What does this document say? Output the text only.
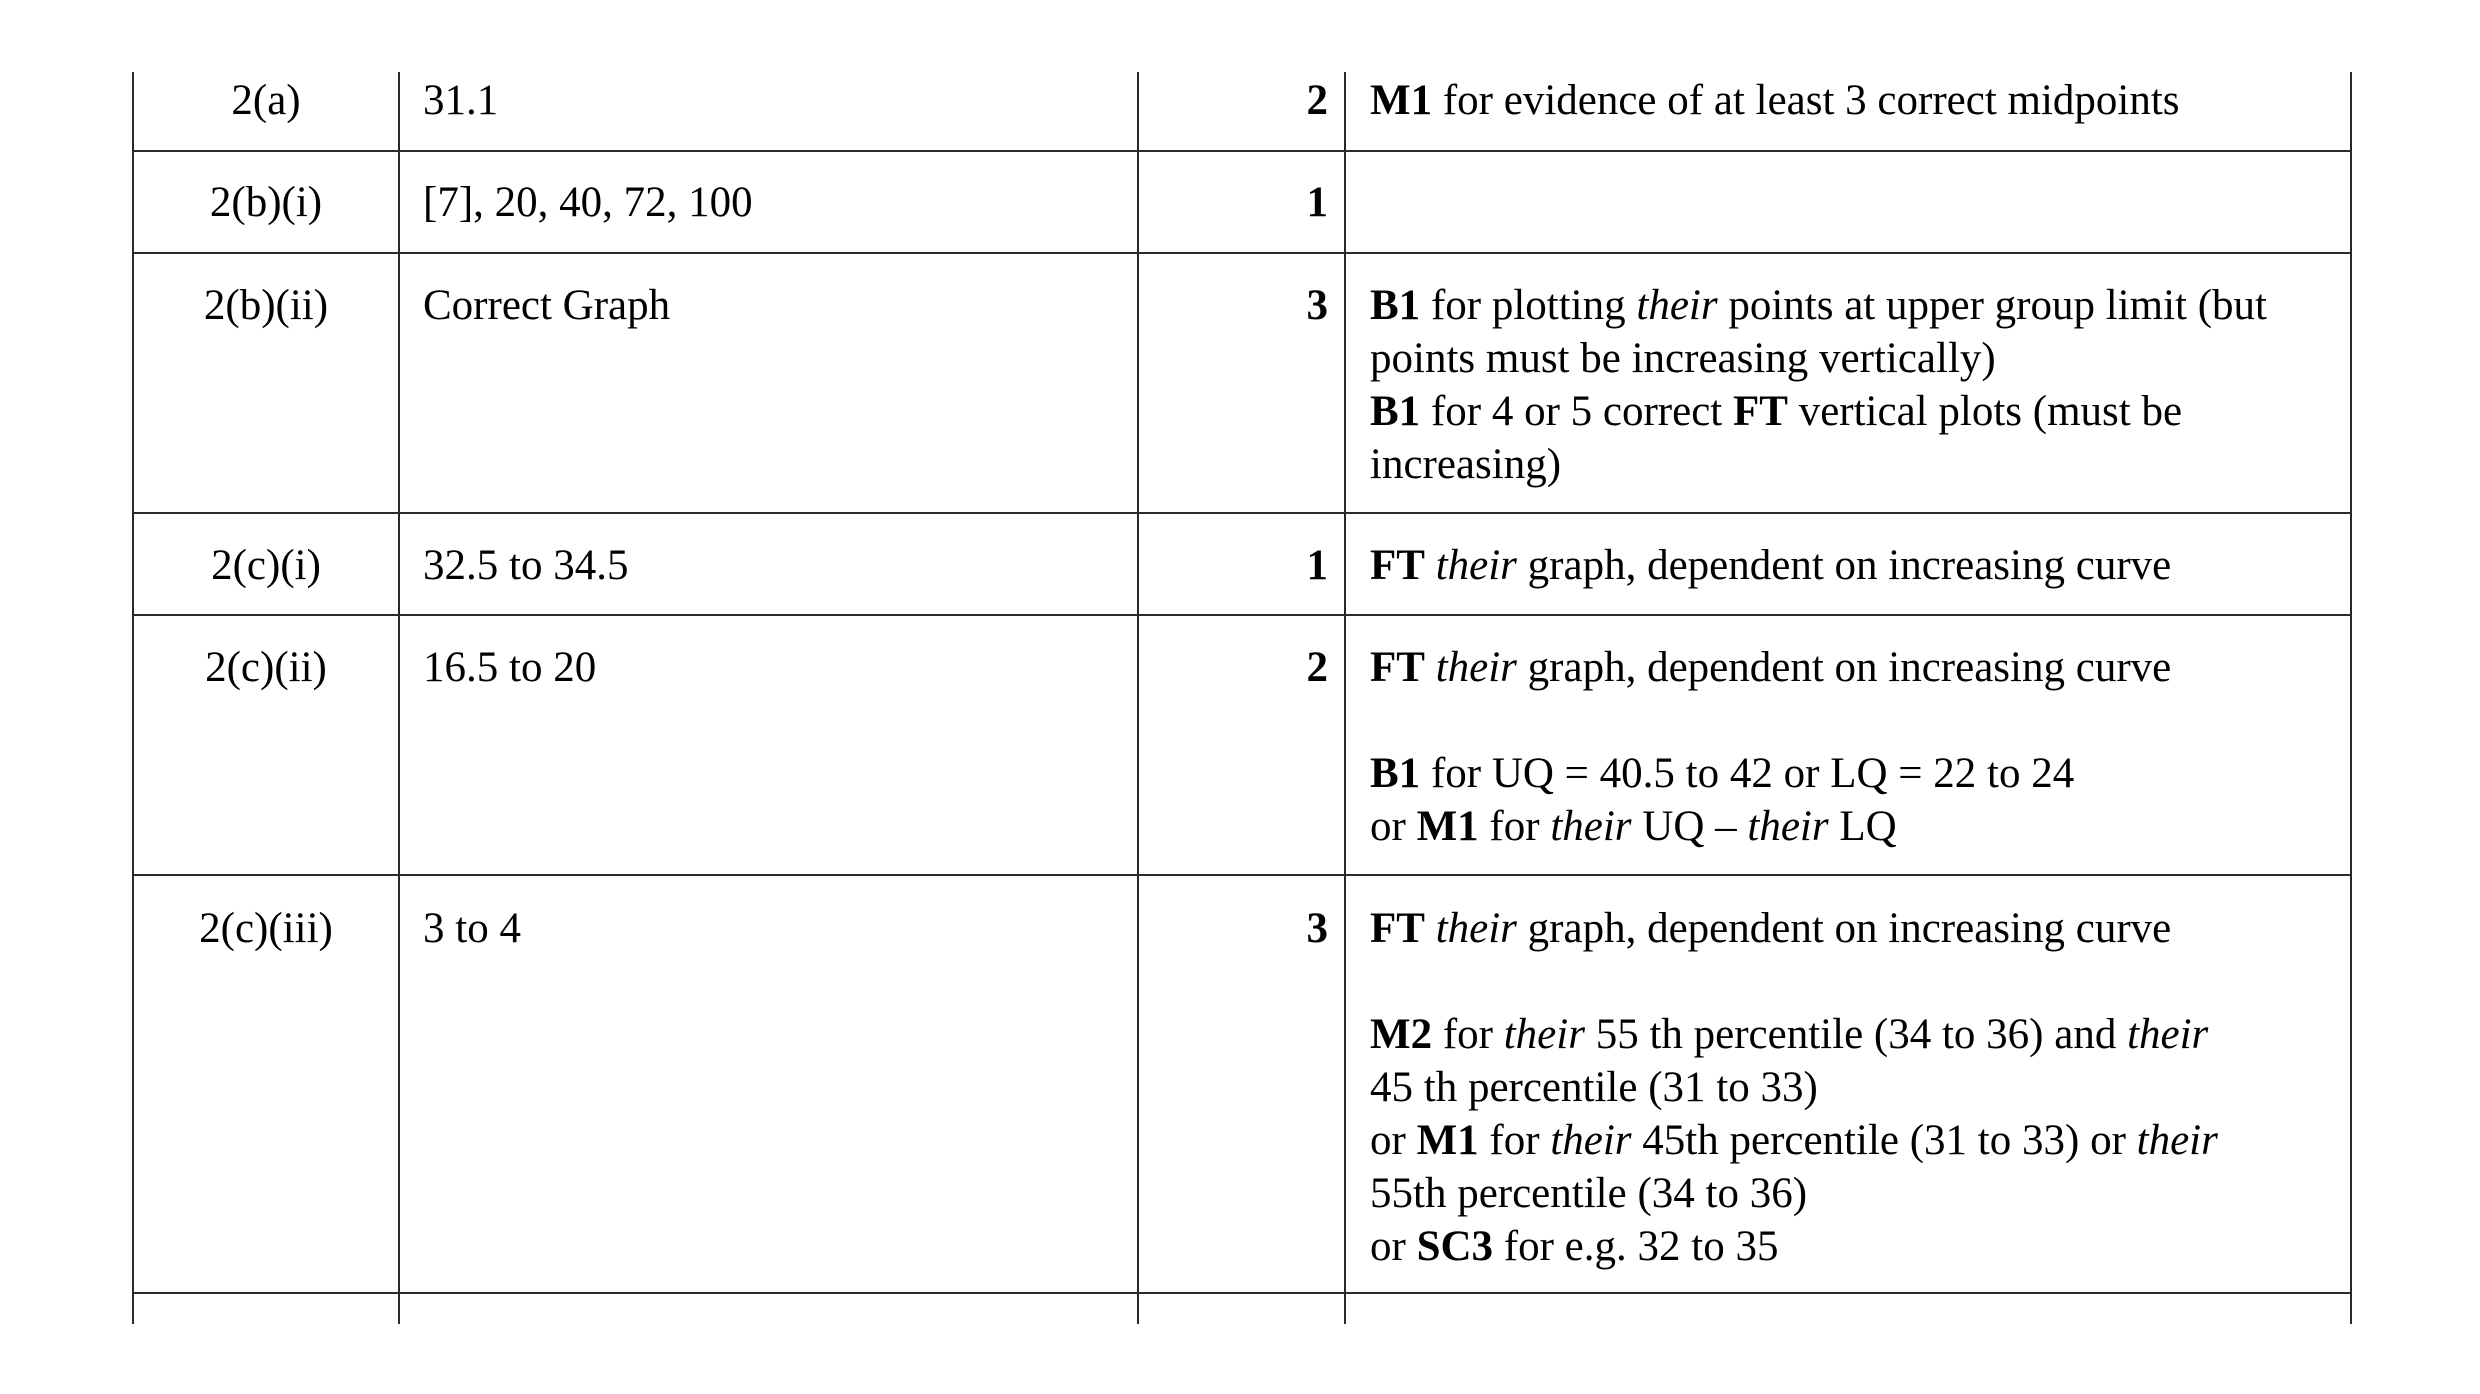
2(a)	31.1	2 M1 for evidence of at least 3 correct midpoints
2(b)(i)	[7], 20, 40, 72, 100	1
2(b)(ii)	Correct Graph	3 B1 for plotting their points at upper group limit (but
points must be increasing vertically)
B1 for 4 or 5 correct FT vertical plots (must be
increasing)
2(c)(i)	32.5 to 34.5	1 FT their graph, dependent on increasing curve
2(c)(ii)	16.5 to 20	2 FT their graph, dependent on increasing curve
B1 for UQ = 40.5 to 42 or LQ = 22 to 24
or M1 for their UQ – their LQ
2(c)(iii)	3 to 4	3 FT their graph, dependent on increasing curve
M2 for their 55 th percentile (34 to 36) and their
45 th percentile (31 to 33)
or M1 for their 45th percentile (31 to 33) or their
55th percentile (34 to 36)
or SC3 for e.g. 32 to 35
